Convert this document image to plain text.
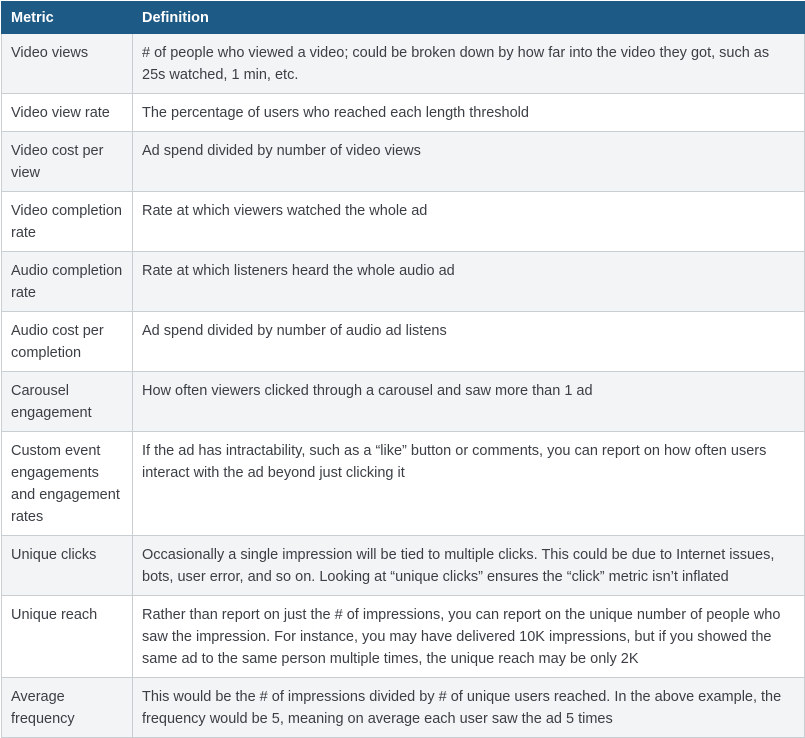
Metric	Definition
Video views	# of people who viewed a video; could be broken down by how far into the video they got, such as 25s watched, 1 min, etc.
Video view rate	The percentage of users who reached each length threshold
Video cost per view	Ad spend divided by number of video views
Video completion rate	Rate at which viewers watched the whole ad
Audio completion rate	Rate at which listeners heard the whole audio ad
Audio cost per completion	Ad spend divided by number of audio ad listens
Carousel engagement	How often viewers clicked through a carousel and saw more than 1 ad
Custom event engagements and engagement rates	If the ad has intractability, such as a “like” button or comments, you can report on how often users interact with the ad beyond just clicking it
Unique clicks	Occasionally a single impression will be tied to multiple clicks. This could be due to Internet issues, bots, user error, and so on. Looking at “unique clicks” ensures the “click” metric isn’t inflated
Unique reach	Rather than report on just the # of impressions, you can report on the unique number of people who saw the impression. For instance, you may have delivered 10K impressions, but if you showed the same ad to the same person multiple times, the unique reach may be only 2K
Average frequency	This would be the # of impressions divided by # of unique users reached. In the above example, the frequency would be 5, meaning on average each user saw the ad 5 times
